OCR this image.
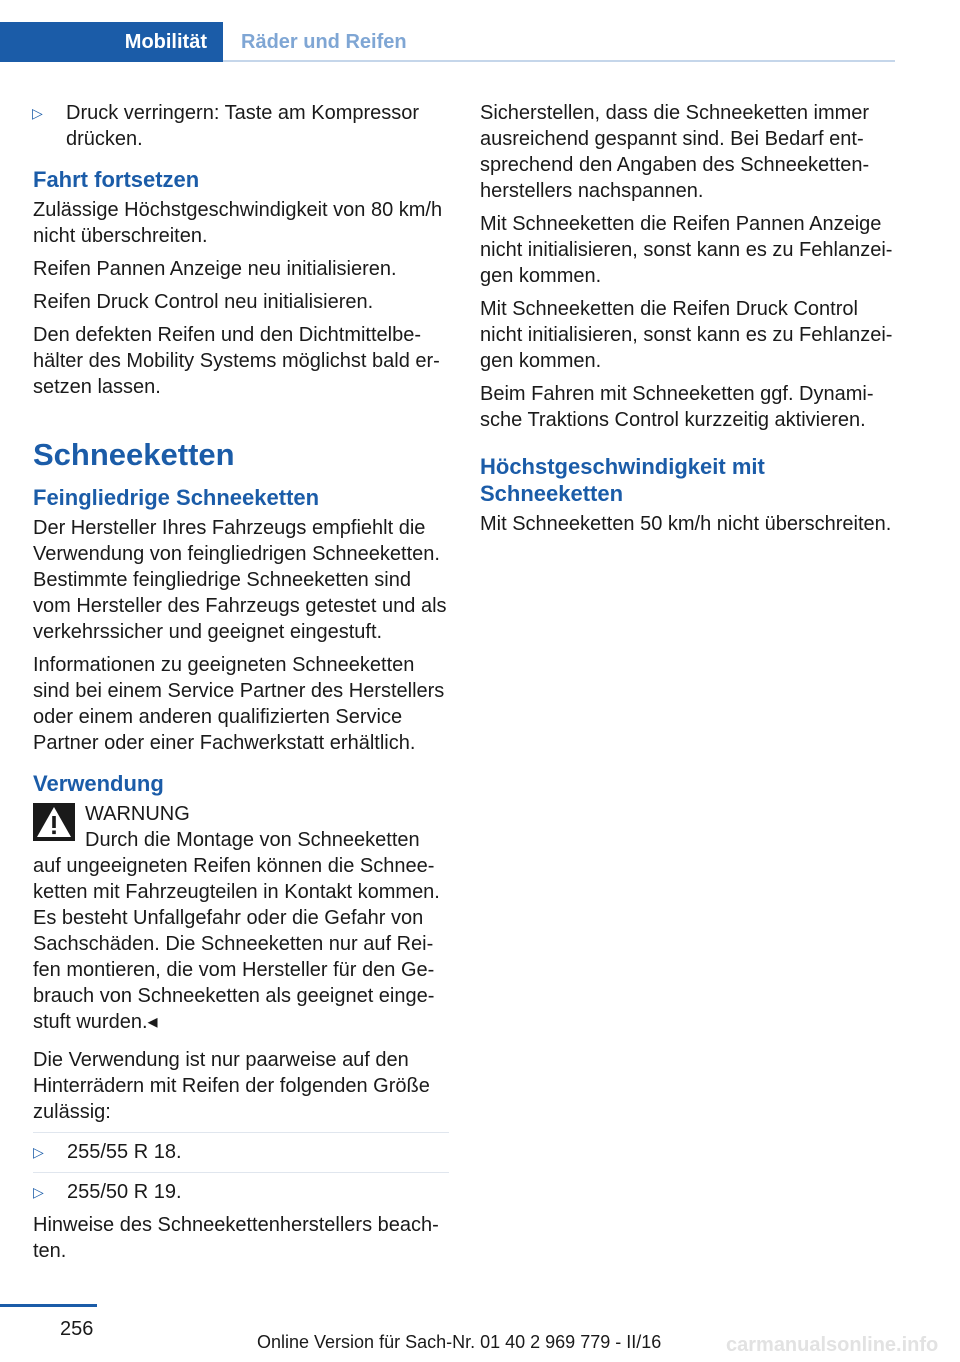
Mobilität Räder und Reifen
▷	Druck verringern: Taste am Kompressor drücken.
Fahrt fortsetzen

Zulässige Höchstgeschwindigkeit von 80 km/h nicht überschreiten.

Reifen Pannen Anzeige neu initialisieren.

Reifen Druck Control neu initialisieren.

Den defekten Reifen und den Dichtmittelbehälter des Mobility Systems möglichst bald ersetzen lassen.

Schneeketten
Feingliedrige Schneeketten

Der Hersteller Ihres Fahrzeugs empfiehlt die Verwendung von feingliedrigen Schneeketten. Bestimmte feingliedrige Schneeketten sind vom Hersteller des Fahrzeugs getestet und als verkehrssicher und geeignet eingestuft.

Informationen zu geeigneten Schneeketten sind bei einem Service Partner des Herstellers oder einem anderen qualifizierten Service Partner oder einer Fachwerkstatt erhältlich.

Verwendung
WARNUNG
Durch die Montage von Schneeketten
auf ungeeigneten Reifen können die Schneeketten mit Fahrzeugteilen in Kontakt kommen. Es besteht Unfallgefahr oder die Gefahr von Sachschäden. Die Schneeketten nur auf Reifen montieren, die vom Hersteller für den Gebrauch von Schneeketten als geeignet eingestuft wurden.◂

Die Verwendung ist nur paarweise auf den Hinterrädern mit Reifen der folgenden Größe zulässig:

▷	255/55 R 18.
▷	255/50 R 19.

Hinweise des Schneekettenherstellers beachten.

Sicherstellen, dass die Schneeketten immer ausreichend gespannt sind. Bei Bedarf entsprechend den Angaben des Schneekettenherstellers nachspannen.

Mit Schneeketten die Reifen Pannen Anzeige nicht initialisieren, sonst kann es zu Fehlanzeigen kommen.

Mit Schneeketten die Reifen Druck Control nicht initialisieren, sonst kann es zu Fehlanzeigen kommen.

Beim Fahren mit Schneeketten ggf. Dynamische Traktions Control kurzzeitig aktivieren.

Höchstgeschwindigkeit mit Schneeketten

Mit Schneeketten 50 km/h nicht überschreiten.

256
Online Version für Sach-Nr. 01 40 2 969 779 - II/16	carmanualsonline.info
